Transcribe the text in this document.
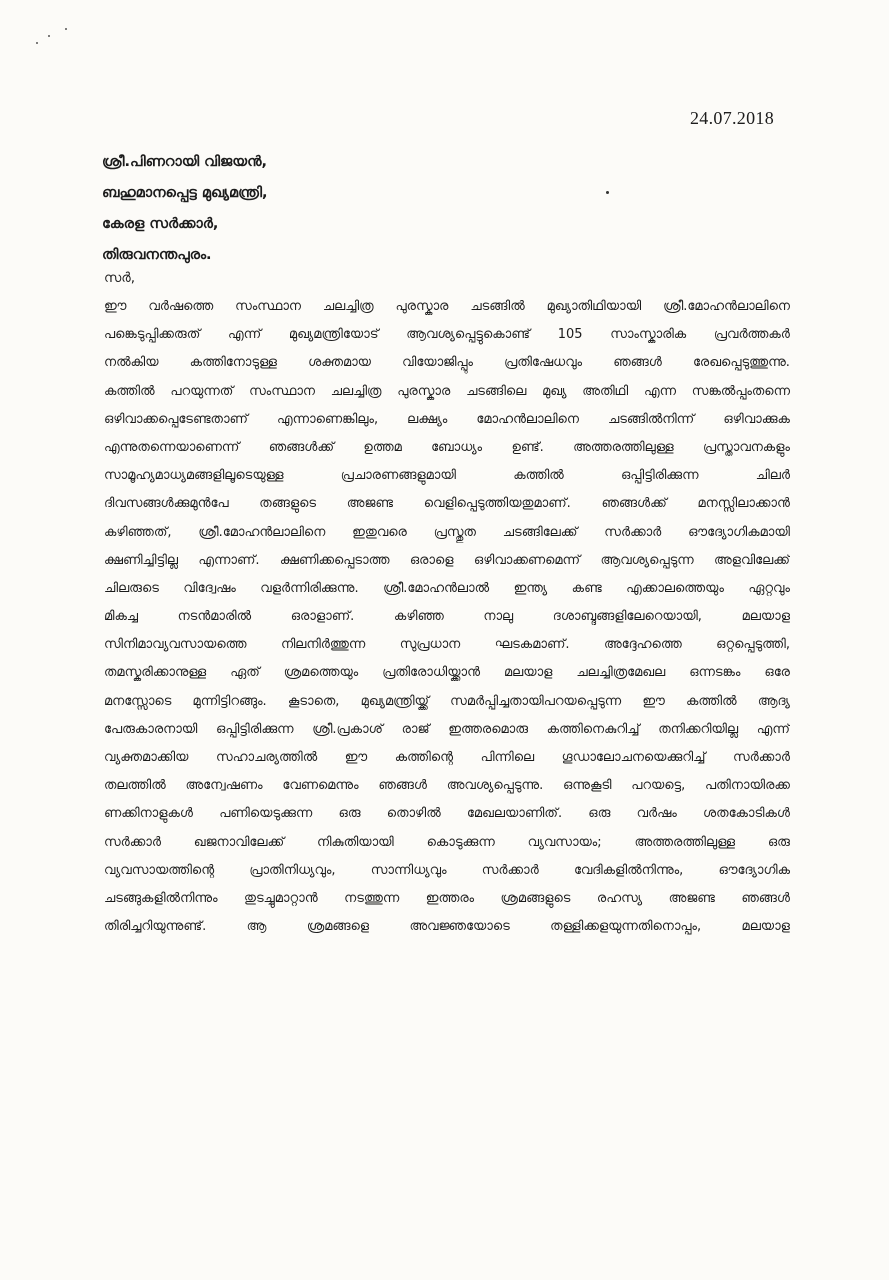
24.07.2018
ശ്രീ.പിണറായി വിജയൻ,
ബഹുമാനപ്പെട്ട മുഖ്യമന്ത്രി,
കേരള സർക്കാർ,
തിരുവനന്തപുരം.
സർ,
ഈ വർഷത്തെ സംസ്ഥാന ചലച്ചിത്ര പുരസ്കാര ചടങ്ങിൽ മുഖ്യാതിഥിയായി ശ്രീ.മോഹൻലാലിനെ
പങ്കെടുപ്പിക്കരുത് എന്ന് മുഖ്യമന്ത്രിയോട് ആവശ്യപ്പെട്ടുകൊണ്ട് 105 സാംസ്കാരിക പ്രവർത്തകർ
നൽകിയ കത്തിനോടുള്ള ശക്തമായ വിയോജിപ്പും പ്രതിഷേധവും ഞങ്ങൾ രേഖപ്പെടുത്തുന്നു.
കത്തിൽ പറയുന്നത് സംസ്ഥാന ചലച്ചിത്ര പുരസ്കാര ചടങ്ങിലെ മുഖ്യ അതിഥി എന്ന സങ്കൽപ്പംതന്നെ
ഒഴിവാക്കപ്പെടേണ്ടതാണ് എന്നാണെങ്കിലും, ലക്ഷ്യം മോഹൻലാലിനെ ചടങ്ങിൽനിന്ന് ഒഴിവാക്കുക
എന്നുതന്നെയാണെന്ന് ഞങ്ങൾക്ക് ഉത്തമ ബോധ്യം ഉണ്ട്. അത്തരത്തിലുള്ള പ്രസ്താവനകളും
സാമൂഹ്യമാധ്യമങ്ങളിലൂടെയുള്ള	പ്രചാരണങ്ങളുമായി	കത്തിൽ	ഒപ്പിട്ടിരിക്കുന്ന	ചിലർ
ദിവസങ്ങൾക്കുമുൻപേ തങ്ങളുടെ അജണ്ട വെളിപ്പെടുത്തിയതുമാണ്. ഞങ്ങൾക്ക് മനസ്സിലാക്കാൻ
കഴിഞ്ഞത്, ശ്രീ.മോഹൻലാലിനെ ഇതുവരെ പ്രസ്തുത ചടങ്ങിലേക്ക് സർക്കാർ ഔദ്യോഗികമായി
ക്ഷണിച്ചിട്ടില്ല എന്നാണ്. ക്ഷണിക്കപ്പെടാത്ത ഒരാളെ ഒഴിവാക്കണമെന്ന് ആവശ്യപ്പെടുന്ന അളവിലേക്ക്
ചിലരുടെ വിദ്വേഷം വളർന്നിരിക്കുന്നു. ശ്രീ.മോഹൻലാൽ ഇന്ത്യ കണ്ട എക്കാലത്തെയും ഏറ്റവും
മികച്ച	നടൻമാരിൽ	ഒരാളാണ്.	കഴിഞ്ഞ	നാലു	ദശാബ്ദങ്ങളിലേറെയായി,	മലയാള
സിനിമാവ്യവസായത്തെ	നിലനിർത്തുന്ന	സുപ്രധാന	ഘടകമാണ്.	അദ്ദേഹത്തെ	ഒറ്റപ്പെടുത്തി,
തമസ്കരിക്കാനുള്ള ഏത് ശ്രമത്തെയും പ്രതിരോധിയ്ക്കാൻ മലയാള ചലച്ചിത്രമേഖല ഒന്നടങ്കം ഒരേ
മനസ്സോടെ മുന്നിട്ടിറങ്ങും. കൂടാതെ, മുഖ്യമന്ത്രിയ്ക്ക് സമർപ്പിച്ചതായിപറയപ്പെടുന്ന ഈ കത്തിൽ ആദ്യ
പേരുകാരനായി ഒപ്പിട്ടിരിക്കുന്ന ശ്രീ.പ്രകാശ് രാജ് ഇത്തരമൊരു കത്തിനെകുറിച്ച് തനിക്കറിയില്ല എന്ന്
വ്യക്തമാക്കിയ സഹാചര്യത്തിൽ ഈ കത്തിന്റെ പിന്നിലെ ഗൂഡാലോചനയെക്കുറിച്ച് സർക്കാർ
തലത്തിൽ അന്വേഷണം വേണമെന്നും ഞങ്ങൾ അവശ്യപ്പെടുന്നു. ഒന്നുകൂടി പറയട്ടെ, പതിനായിരക്ക
ണക്കിനാളുകൾ പണിയെടുക്കുന്ന ഒരു തൊഴിൽ മേഖലയാണിത്. ഒരു വർഷം ശതകോടികൾ
സർക്കാർ	ഖജനാവിലേക്ക്	നികുതിയായി	കൊടുക്കുന്ന	വ്യവസായം;	അത്തരത്തിലുള്ള	ഒരു
വ്യവസായത്തിന്റെ	പ്രാതിനിധ്യവും,	സാന്നിധ്യവും	സർക്കാർ	വേദികളിൽനിന്നും,	ഔദ്യോഗിക
ചടങ്ങുകളിൽനിന്നും തുടച്ചുമാറ്റാൻ നടത്തുന്ന ഇത്തരം ശ്രമങ്ങളുടെ രഹസ്യ അജണ്ട ഞങ്ങൾ
തിരിച്ചറിയുന്നുണ്ട്.	ആ	ശ്രമങ്ങളെ	അവജ്ഞയോടെ	തള്ളിക്കളയുന്നതിനൊപ്പം,	മലയാള
